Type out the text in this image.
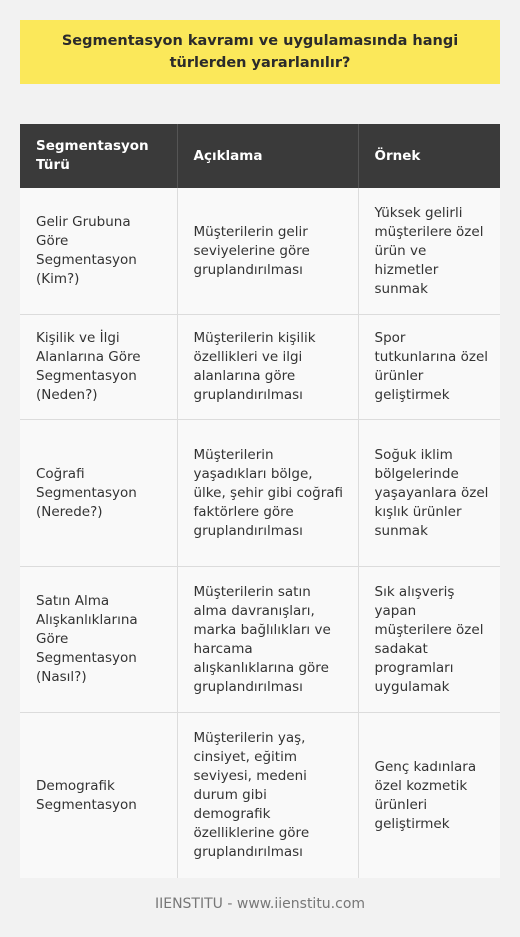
Segmentasyon kavramı ve uygulamasında hangi türlerden yararlanılır?
Segmentasyon Türü	Açıklama	Örnek
Gelir Grubuna Göre Segmentasyon (Kim?)	Müşterilerin gelir seviyelerine göre gruplandırılması	Yüksek gelirli müşterilere özel ürün ve hizmetler sunmak
Kişilik ve İlgi Alanlarına Göre Segmentasyon (Neden?)	Müşterilerin kişilik özellikleri ve ilgi alanlarına göre gruplandırılması	Spor tutkunlarına özel ürünler geliştirmek
Coğrafi Segmentasyon (Nerede?)	Müşterilerin yaşadıkları bölge, ülke, şehir gibi coğrafi faktörlere göre gruplandırılması	Soğuk iklim bölgelerinde yaşayanlara özel kışlık ürünler sunmak
Satın Alma Alışkanlıklarına Göre Segmentasyon (Nasıl?)	Müşterilerin satın alma davranışları, marka bağlılıkları ve harcama alışkanlıklarına göre gruplandırılması	Sık alışveriş yapan müşterilere özel sadakat programları uygulamak
Demografik Segmentasyon	Müşterilerin yaş, cinsiyet, eğitim seviyesi, medeni durum gibi demografik özelliklerine göre gruplandırılması	Genç kadınlara özel kozmetik ürünleri geliştirmek
IIENSTITU - www.iienstitu.com
